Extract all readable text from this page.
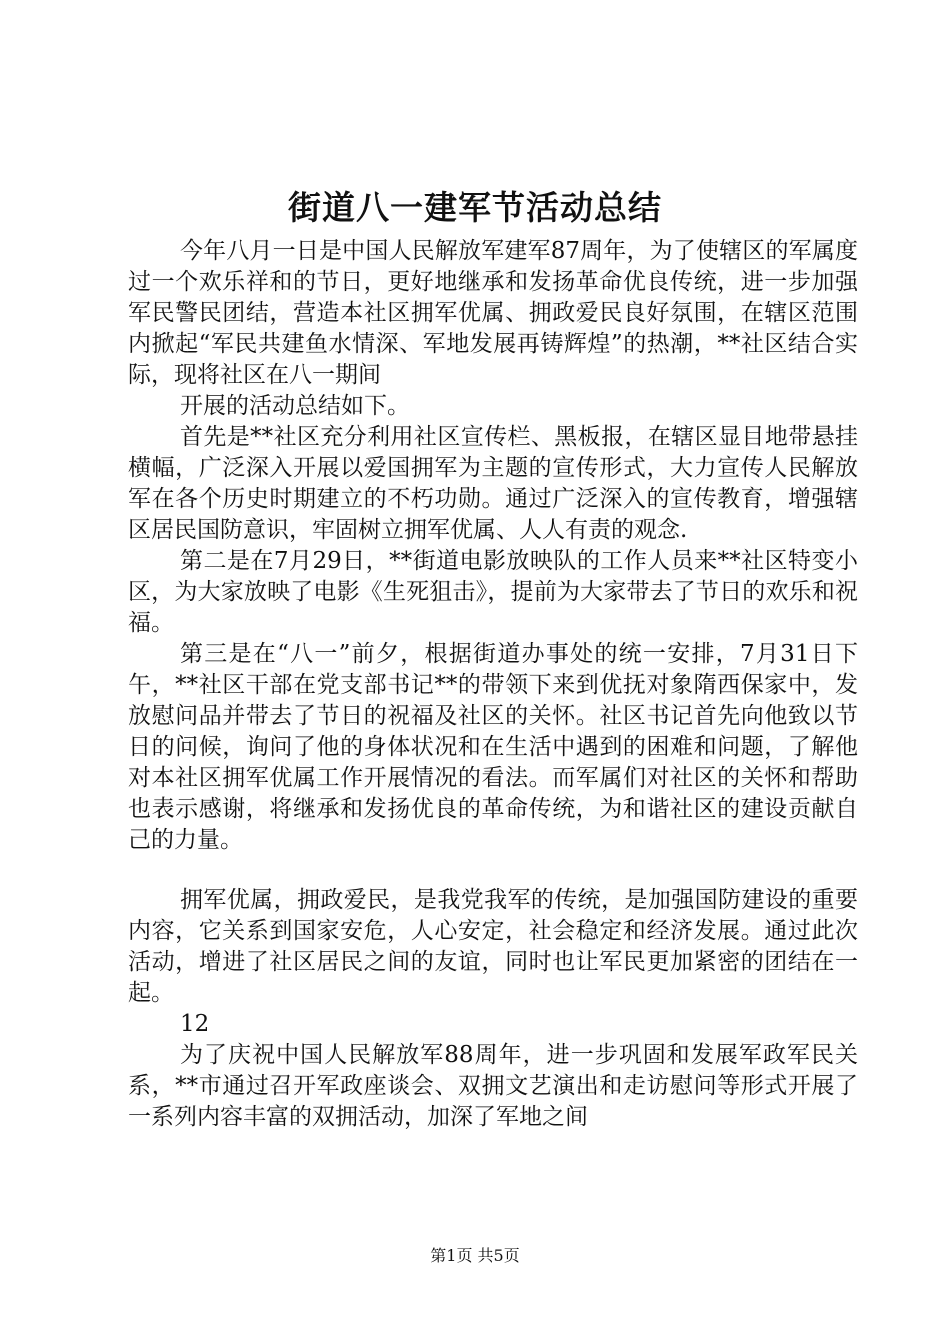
街道八一建军节活动总结

今年八月一日是中国人民解放军建军87周年，为了使辖区的军属度过一个欢乐祥和的节日，更好地继承和发扬革命优良传统，进一步加强军民警民团结，营造本社区拥军优属、拥政爱民良好氛围，在辖区范围内掀起“军民共建鱼水情深、军地发展再铸辉煌”的热潮，**社区结合实际，现将社区在八一期间

开展的活动总结如下。

首先是**社区充分利用社区宣传栏、黑板报，在辖区显目地带悬挂横幅，广泛深入开展以爱国拥军为主题的宣传形式，大力宣传人民解放军在各个历史时期建立的不朽功勋。通过广泛深入的宣传教育，增强辖区居民国防意识，牢固树立拥军优属、人人有责的观念.

第二是在7月29日，**街道电影放映队的工作人员来**社区特变小区，为大家放映了电影《生死狙击》，提前为大家带去了节日的欢乐和祝福。

第三是在“八一”前夕，根据街道办事处的统一安排，7月31日下午，**社区干部在党支部书记**的带领下来到优抚对象隋西保家中，发放慰问品并带去了节日的祝福及社区的关怀。社区书记首先向他致以节日的问候，询问了他的身体状况和在生活中遇到的困难和问题，了解他对本社区拥军优属工作开展情况的看法。而军属们对社区的关怀和帮助也表示感谢，将继承和发扬优良的革命传统，为和谐社区的建设贡献自己的力量。

拥军优属，拥政爱民，是我党我军的传统，是加强国防建设的重要内容，它关系到国家安危，人心安定，社会稳定和经济发展。通过此次活动，增进了社区居民之间的友谊，同时也让军民更加紧密的团结在一起。

12

为了庆祝中国人民解放军88周年，进一步巩固和发展军政军民关系，**市通过召开军政座谈会、双拥文艺演出和走访慰问等形式开展了一系列内容丰富的双拥活动，加深了军地之间

第1页 共5页
